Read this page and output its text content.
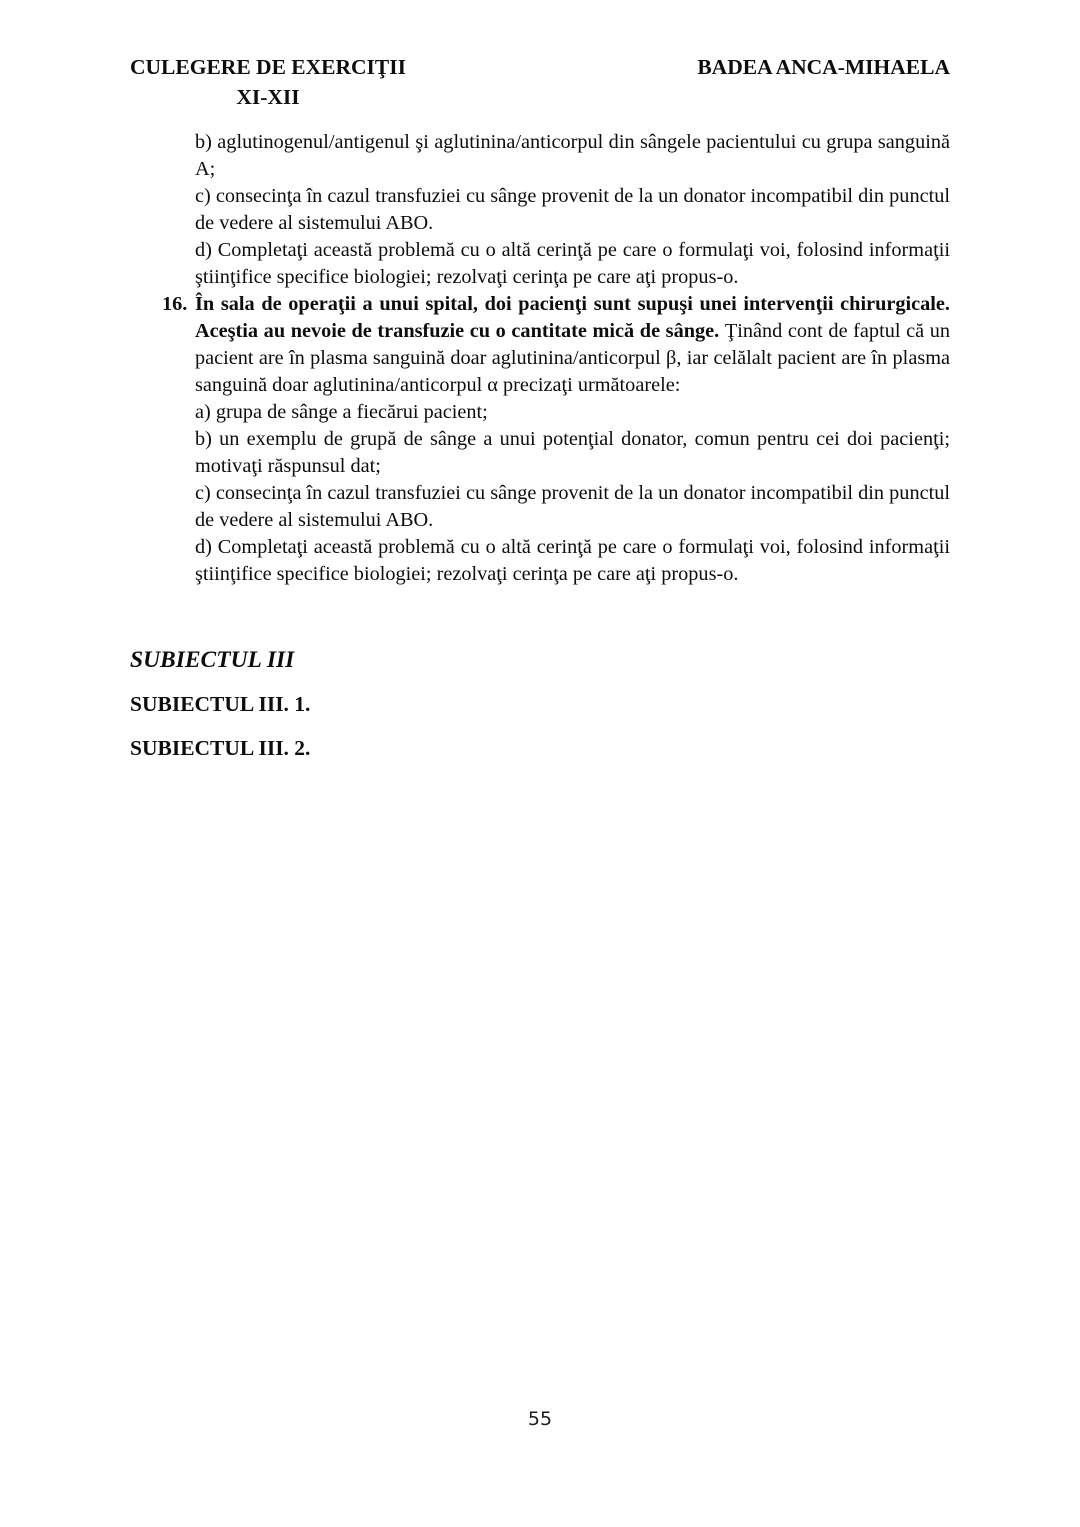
CULEGERE DE EXERCIŢII
XI-XII
BADEA ANCA-MIHAELA

b) aglutinogenul/antigenul şi aglutinina/anticorpul din sângele pacientului cu grupa sanguină A;

c) consecinţa în cazul transfuziei cu sânge provenit de la un donator incompatibil din punctul de vedere al sistemului ABO.

d) Completaţi această problemă cu o altă cerinţă pe care o formulaţi voi, folosind informaţii ştiinţifice specifice biologiei; rezolvaţi cerinţa pe care aţi propus-o.

16. În sala de operaţii a unui spital, doi pacienţi sunt supuşi unei intervenţii chirurgicale. Aceştia au nevoie de transfuzie cu o cantitate mică de sânge. Ţinând cont de faptul că un pacient are în plasma sanguină doar aglutinina/anticorpul β, iar celălalt pacient are în plasma sanguină doar aglutinina/anticorpul α precizaţi următoarele:

a) grupa de sânge a fiecărui pacient;

b) un exemplu de grupă de sânge a unui potenţial donator, comun pentru cei doi pacienţi; motivaţi răspunsul dat;

c) consecinţa în cazul transfuziei cu sânge provenit de la un donator incompatibil din punctul de vedere al sistemului ABO.

d) Completaţi această problemă cu o altă cerinţă pe care o formulaţi voi, folosind informaţii ştiinţifice specifice biologiei; rezolvaţi cerinţa pe care aţi propus-o.

SUBIECTUL III
SUBIECTUL III. 1.
SUBIECTUL III. 2.
55
